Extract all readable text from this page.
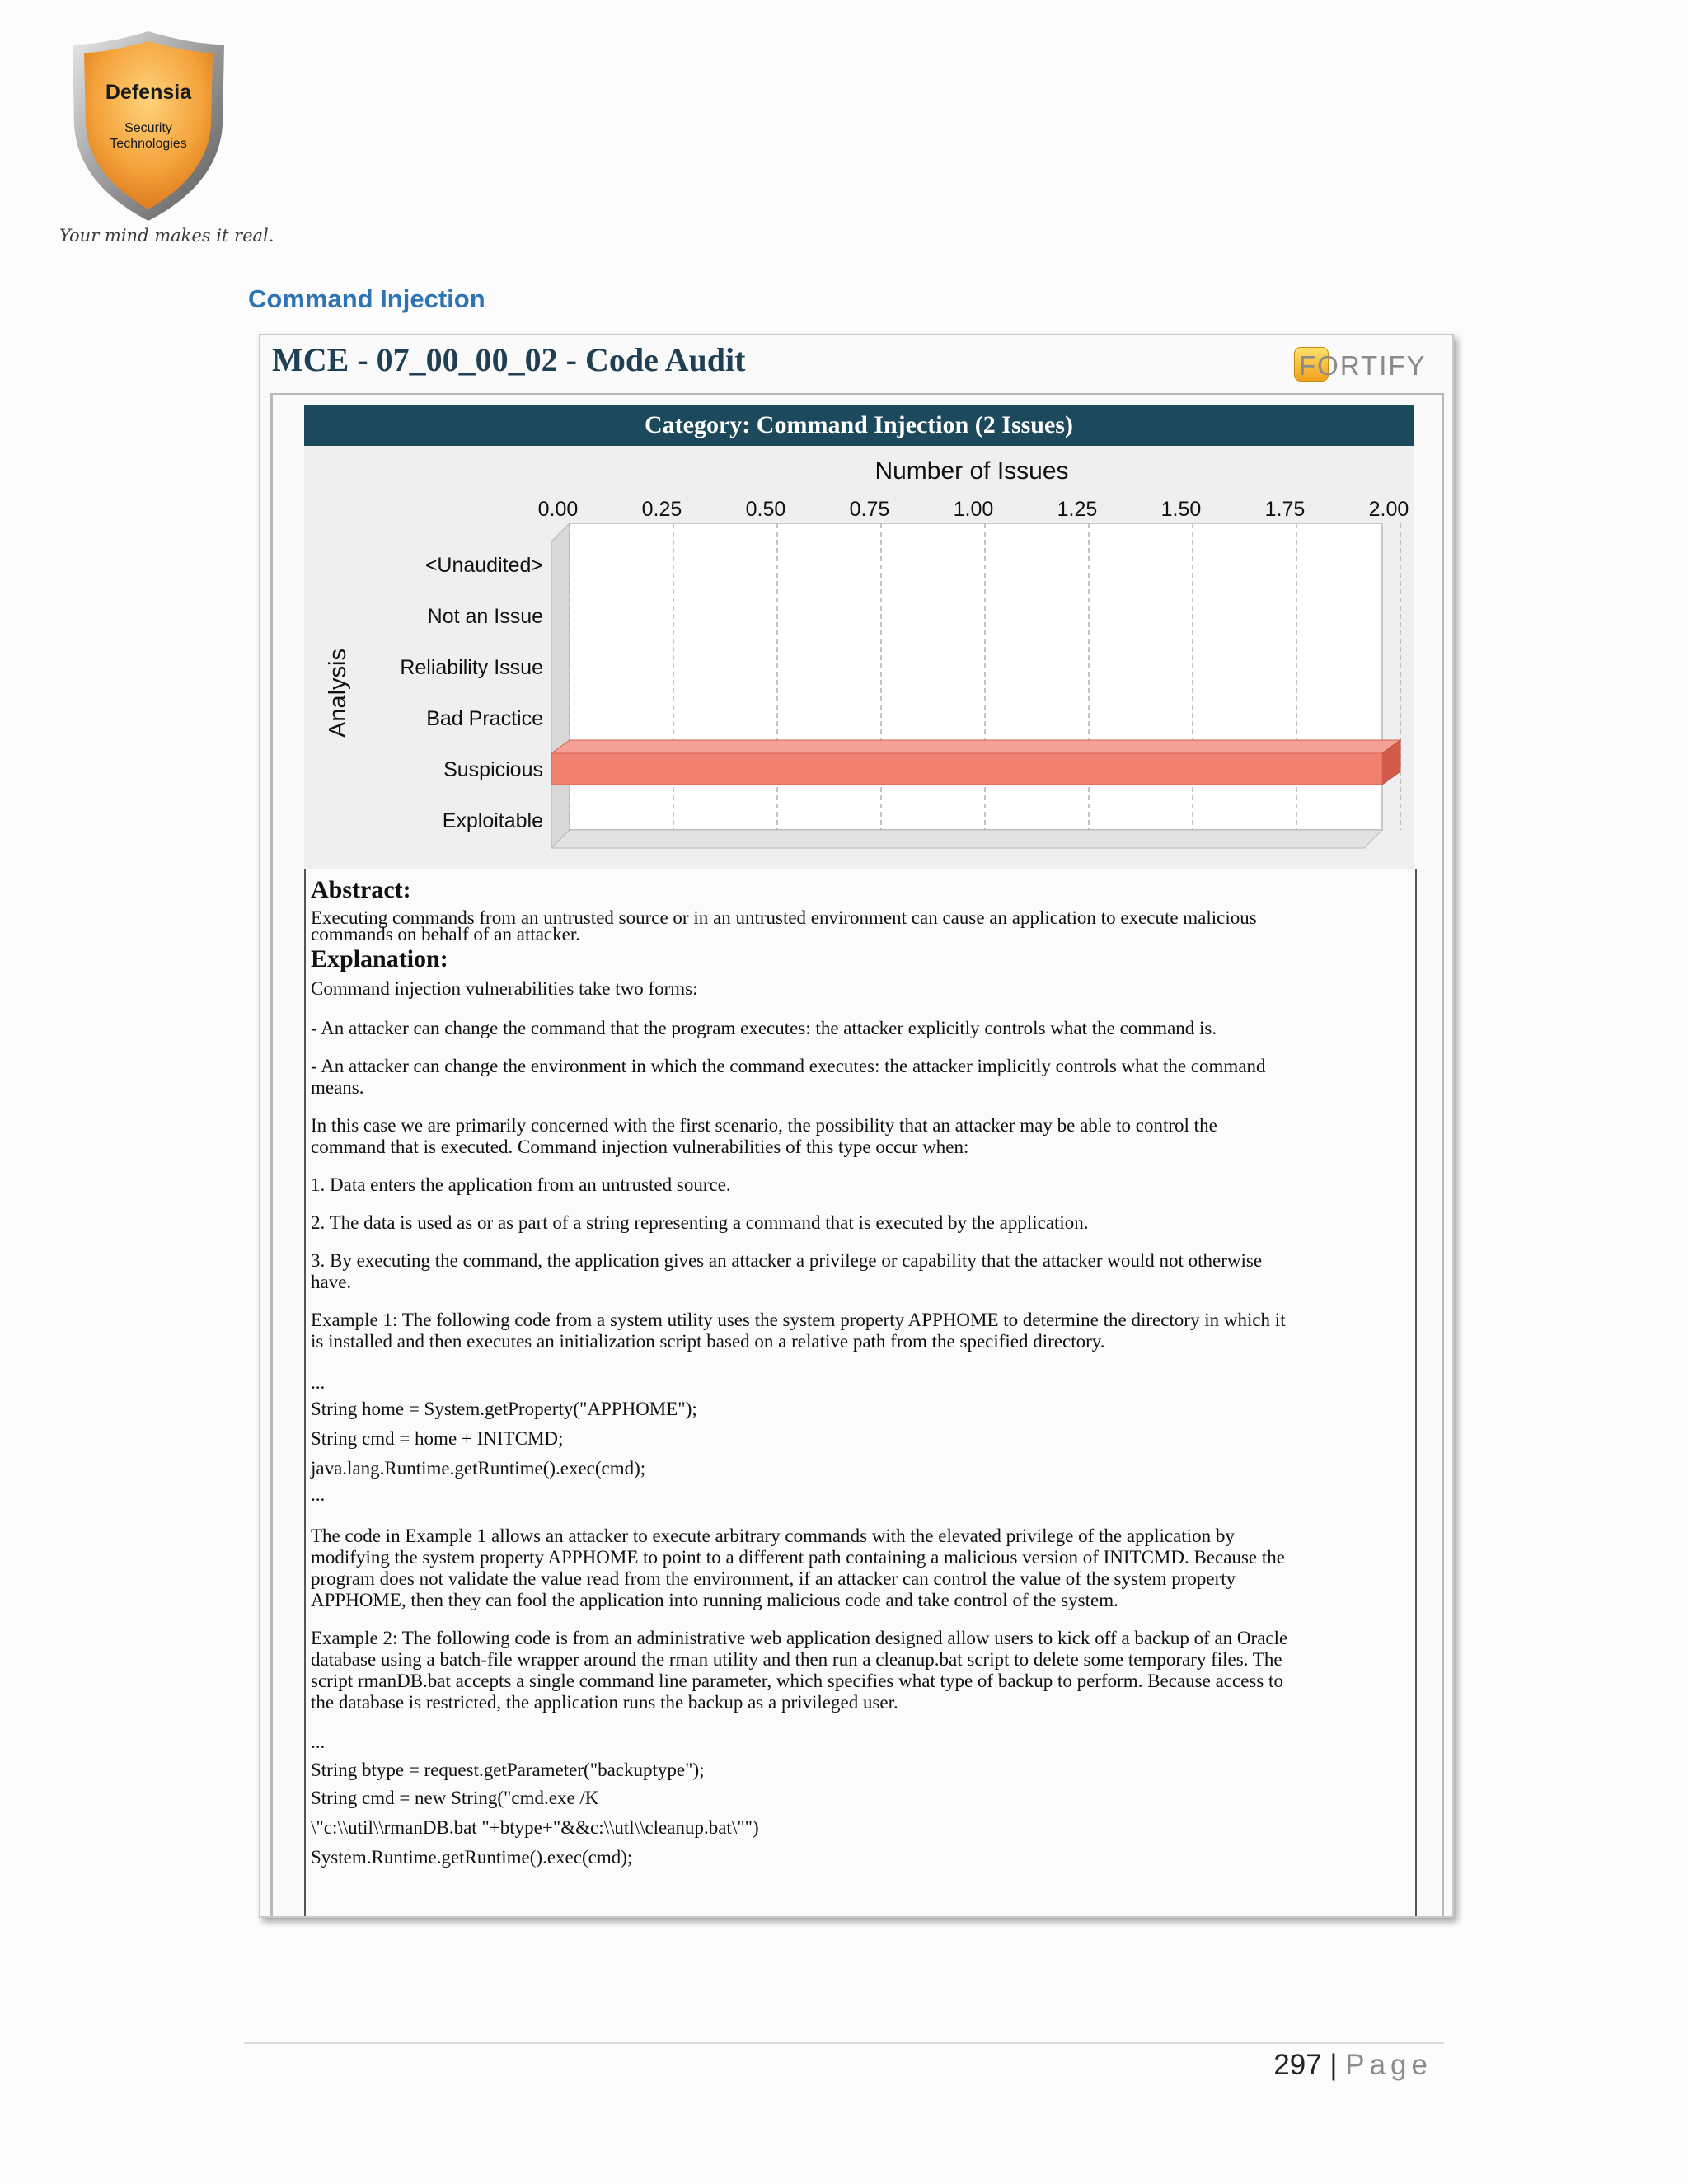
Defensia
Security
Technologies
Your mind makes it real.
Command Injection
MCE - 07_00_00_02 - Code Audit	FORTIFY
Category: Command Injection (2 Issues)
Number of Issues
0.00	0.25	0.50	0.75	1.00	1.25	1.50	1.75	2.00
<Unaudited>
Not an Issue
Reliability Issue
Bad Practice
Suspicious
Exploitable
Analysis
Abstract:
Executing commands from an untrusted source or in an untrusted environment can cause an application to execute malicious
commands on behalf of an attacker.
Explanation:
Command injection vulnerabilities take two forms:
- An attacker can change the command that the program executes: the attacker explicitly controls what the command is.
- An attacker can change the environment in which the command executes: the attacker implicitly controls what the command
means.
In this case we are primarily concerned with the first scenario, the possibility that an attacker may be able to control the
command that is executed. Command injection vulnerabilities of this type occur when:
1. Data enters the application from an untrusted source.
2. The data is used as or as part of a string representing a command that is executed by the application.
3. By executing the command, the application gives an attacker a privilege or capability that the attacker would not otherwise
have.
Example 1: The following code from a system utility uses the system property APPHOME to determine the directory in which it
is installed and then executes an initialization script based on a relative path from the specified directory.
...
String home = System.getProperty("APPHOME");
String cmd = home + INITCMD;
java.lang.Runtime.getRuntime().exec(cmd);
...
The code in Example 1 allows an attacker to execute arbitrary commands with the elevated privilege of the application by
modifying the system property APPHOME to point to a different path containing a malicious version of INITCMD. Because the
program does not validate the value read from the environment, if an attacker can control the value of the system property
APPHOME, then they can fool the application into running malicious code and take control of the system.
Example 2: The following code is from an administrative web application designed allow users to kick off a backup of an Oracle
database using a batch-file wrapper around the rman utility and then run a cleanup.bat script to delete some temporary files. The
script rmanDB.bat accepts a single command line parameter, which specifies what type of backup to perform. Because access to
the database is restricted, the application runs the backup as a privileged user.
...
String btype = request.getParameter("backuptype");
String cmd = new String("cmd.exe /K
\"c:\\util\\rmanDB.bat "+btype+"&&c:\\utl\\cleanup.bat\"")
System.Runtime.getRuntime().exec(cmd);
297 | Page
